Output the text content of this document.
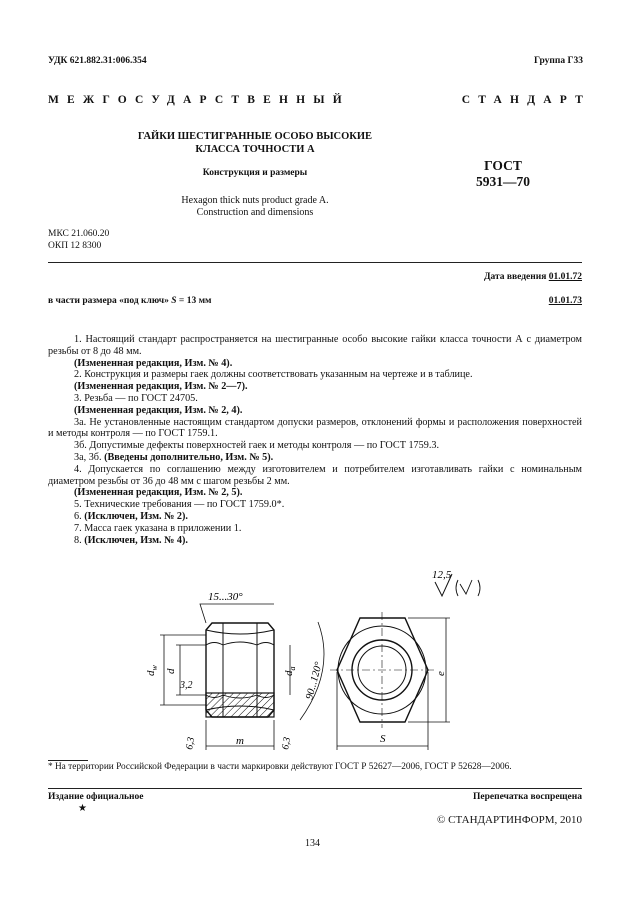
УДК 621.882.31:006.354	Группа Г33
МЕЖГОСУДАРСТВЕННЫЙ	СТАНДАРТ
ГАЙКИ ШЕСТИГРАННЫЕ ОСОБО ВЫСОКИЕ
КЛАССА ТОЧНОСТИ А
Конструкция и размеры
Hexagon thick nuts product grade A.
Construction and dimensions
ГОСТ
5931—70
МКС 21.060.20
ОКП 12 8300
Дата введения 01.01.72
в части размера «под ключ» S = 13 мм	01.01.73

1. Настоящий стандарт распространяется на шестигранные особо высокие гайки класса точности А с диаметром резьбы от 8 до 48 мм.

(Измененная редакция, Изм. № 4).

2. Конструкция и размеры гаек должны соответствовать указанным на чертеже и в таблице.

(Измененная редакция, Изм. № 2—7).

3. Резьба — по ГОСТ 24705.

(Измененная редакция, Изм. № 2, 4).

3а. Не установленные настоящим стандартом допуски размеров, отклонений формы и расположения поверхностей и методы контроля — по ГОСТ 1759.1.

3б. Допустимые дефекты поверхностей гаек и методы контроля — по ГОСТ 1759.3.

3а, 3б. (Введены дополнительно, Изм. № 5).

4. Допускается по соглашению между изготовителем и потребителем изготавливать гайки с номинальным диаметром резьбы от 36 до 48 мм с шагом резьбы 2 мм.

(Измененная редакция, Изм. № 2, 5).

5. Технические требования — по ГОСТ 1759.0*.

6. (Исключен, Изм. № 2).

7. Масса гаек указана в приложении 1.

8. (Исключен, Изм. № 4).

12,5
$d_w$
d
3,2
$d_a$ 90...120°
6,3	6,3
m
15...30°
e
S
* На территории Российской Федерации в части маркировки действуют ГОСТ Р 52627—2006, ГОСТ Р 52628—2006.
Издание официальное
★
Перепечатка воспрещена
© СТАНДАРТИНФОРМ, 2010
134
